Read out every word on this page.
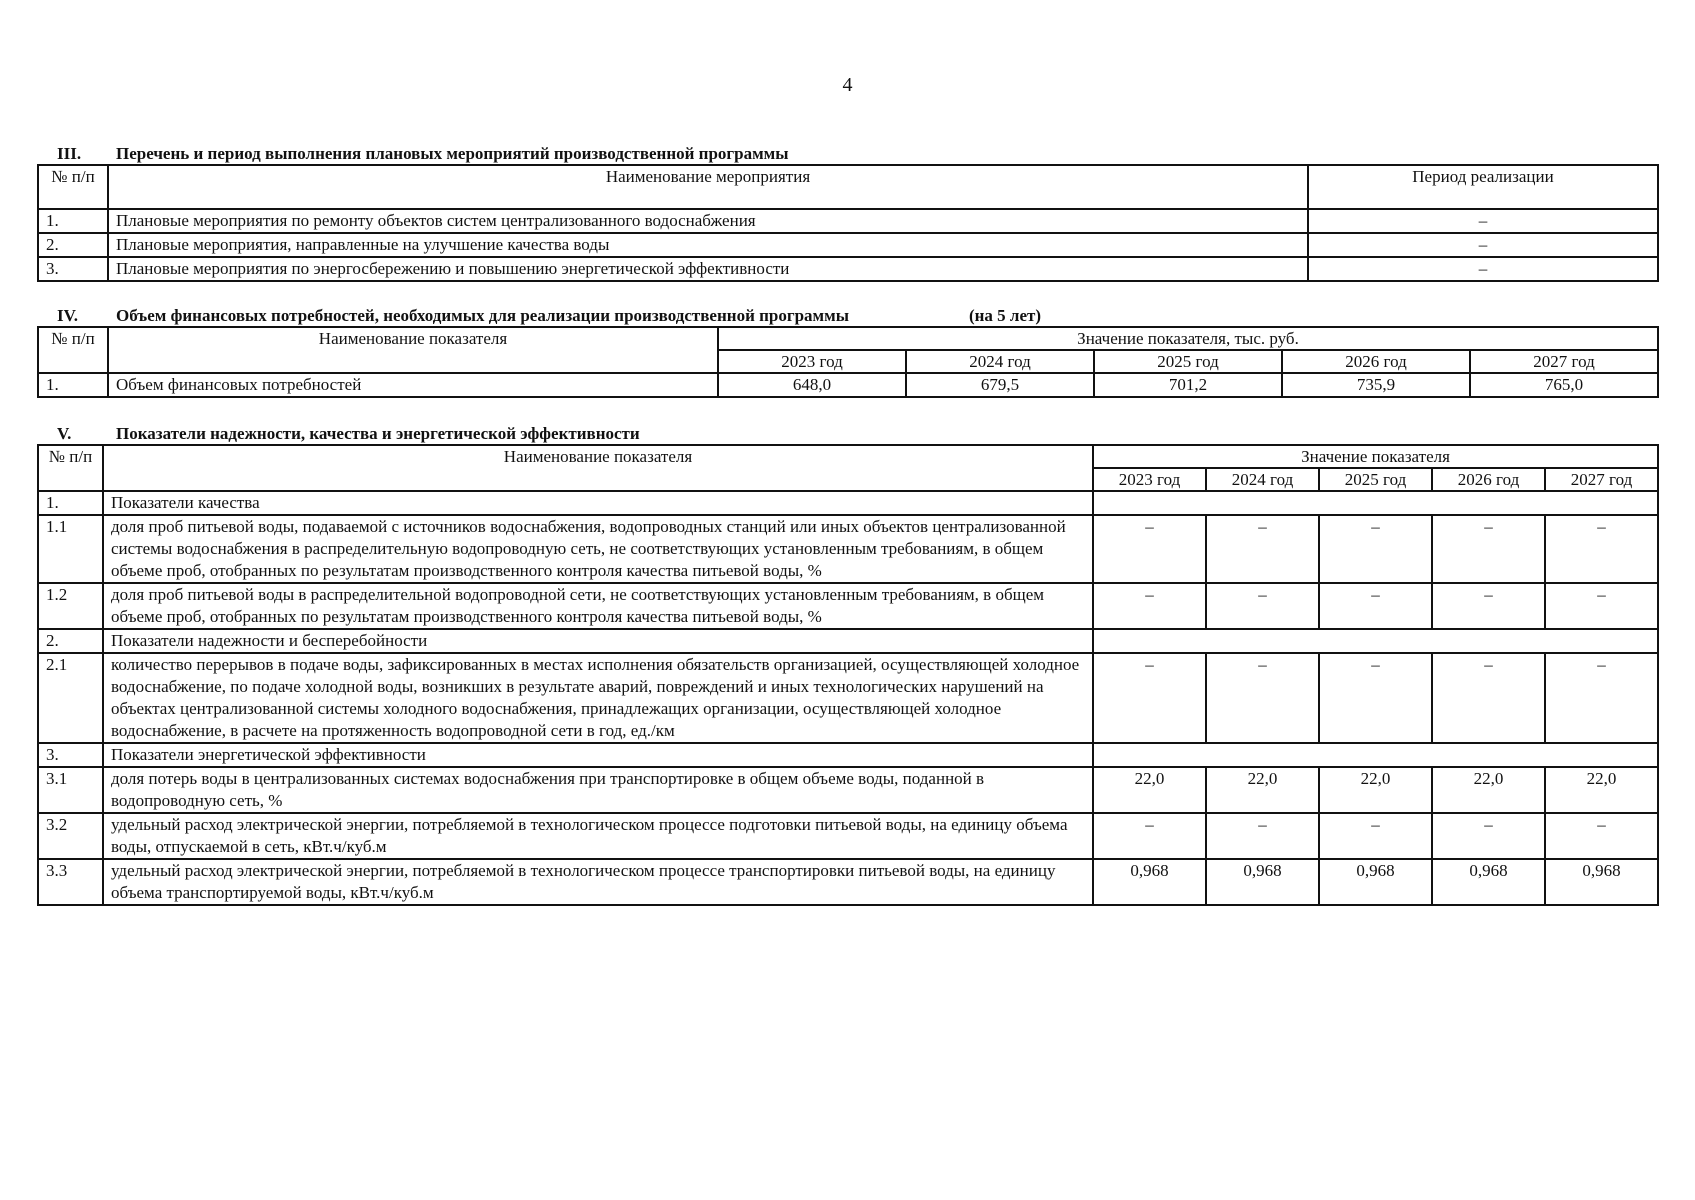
4
III.	Перечень и период выполнения плановых мероприятий производственной программы
№ п/п	Наименование мероприятия	Период реализации
1.	Плановые мероприятия по ремонту объектов систем централизованного водоснабжения	–
2.	Плановые мероприятия, направленные на улучшение качества воды	–
3.	Плановые мероприятия по энергосбережению и повышению энергетической эффективности	–
IV.	Объем финансовых потребностей, необходимых для реализации производственной программы	(на 5 лет)
№ п/п	Наименование показателя	Значение показателя, тыс. руб.				
		2023 год	2024 год	2025 год	2026 год	2027 год
1.	Объем финансовых потребностей	648,0	679,5	701,2	735,9	765,0
V.	Показатели надежности, качества и энергетической эффективности
№ п/п	Наименование показателя	Значение показателя				
		2023 год	2024 год	2025 год	2026 год	2027 год
1.	Показатели качества					
1.1	доля проб питьевой воды, подаваемой с источников водоснабжения, водопроводных станций или иных объектов централизованной системы водоснабжения в распределительную водопроводную сеть, не соответствующих установленным требованиям, в общем объеме проб, отобранных по результатам производственного контроля качества питьевой воды, %	–	–	–	–	–
1.2	доля проб питьевой воды в распределительной водопроводной сети, не соответствующих установленным требованиям, в общем объеме проб, отобранных по результатам производственного контроля качества питьевой воды, %	–	–	–	–	–
2.	Показатели надежности и бесперебойности					
2.1	количество перерывов в подаче воды, зафиксированных в местах исполнения обязательств организацией, осуществляющей холодное водоснабжение, по подаче холодной воды, возникших в результате аварий, повреждений и иных технологических нарушений на объектах централизованной системы холодного водоснабжения, принадлежащих организации, осуществляющей холодное водоснабжение, в расчете на протяженность водопроводной сети в год, ед./км	–	–	–	–	–
3.	Показатели энергетической эффективности					
3.1	доля потерь воды в централизованных системах водоснабжения при транспортировке в общем объеме воды, поданной в водопроводную сеть, %	22,0	22,0	22,0	22,0	22,0
3.2	удельный расход электрической энергии, потребляемой в технологическом процессе подготовки питьевой воды, на единицу объема воды, отпускаемой в сеть, кВт.ч/куб.м	–	–	–	–	–
3.3	удельный расход электрической энергии, потребляемой в технологическом процессе транспортировки питьевой воды, на единицу объема транспортируемой воды, кВт.ч/куб.м	0,968	0,968	0,968	0,968	0,968
